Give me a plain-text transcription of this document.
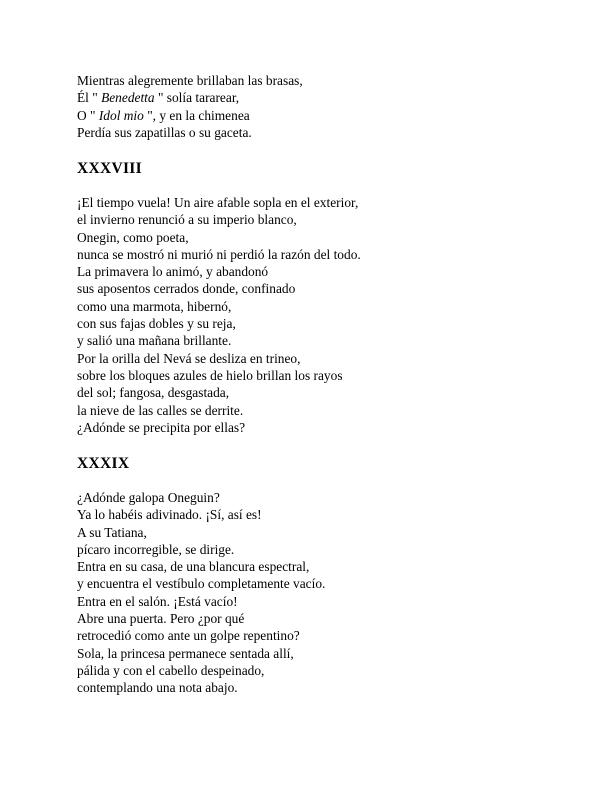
Mientras alegremente brillaban las brasas,
Él " Benedetta " solía tararear,
O " Idol mio ", y en la chimenea
Perdía sus zapatillas o su gaceta.
XXXVIII
¡El tiempo vuela! Un aire afable sopla en el exterior,
el invierno renunció a su imperio blanco,
Onegin, como poeta,
nunca se mostró ni murió ni perdió la razón del todo.
La primavera lo animó, y abandonó
sus aposentos cerrados donde, confinado
como una marmota, hibernó,
con sus fajas dobles y su reja,
y salió una mañana brillante.
Por la orilla del Nevá se desliza en trineo,
sobre los bloques azules de hielo brillan los rayos
del sol; fangosa, desgastada,
la nieve de las calles se derrite.
¿Adónde se precipita por ellas?
XXXIX
¿Adónde galopa Oneguin?
Ya lo habéis adivinado. ¡Sí, así es!
A su Tatiana,
pícaro incorregible, se dirige.
Entra en su casa, de una blancura espectral,
y encuentra el vestíbulo completamente vacío.
Entra en el salón. ¡Está vacío!
Abre una puerta. Pero ¿por qué
retrocedió como ante un golpe repentino?
Sola, la princesa permanece sentada allí,
pálida y con el cabello despeinado,
contemplando una nota abajo.
